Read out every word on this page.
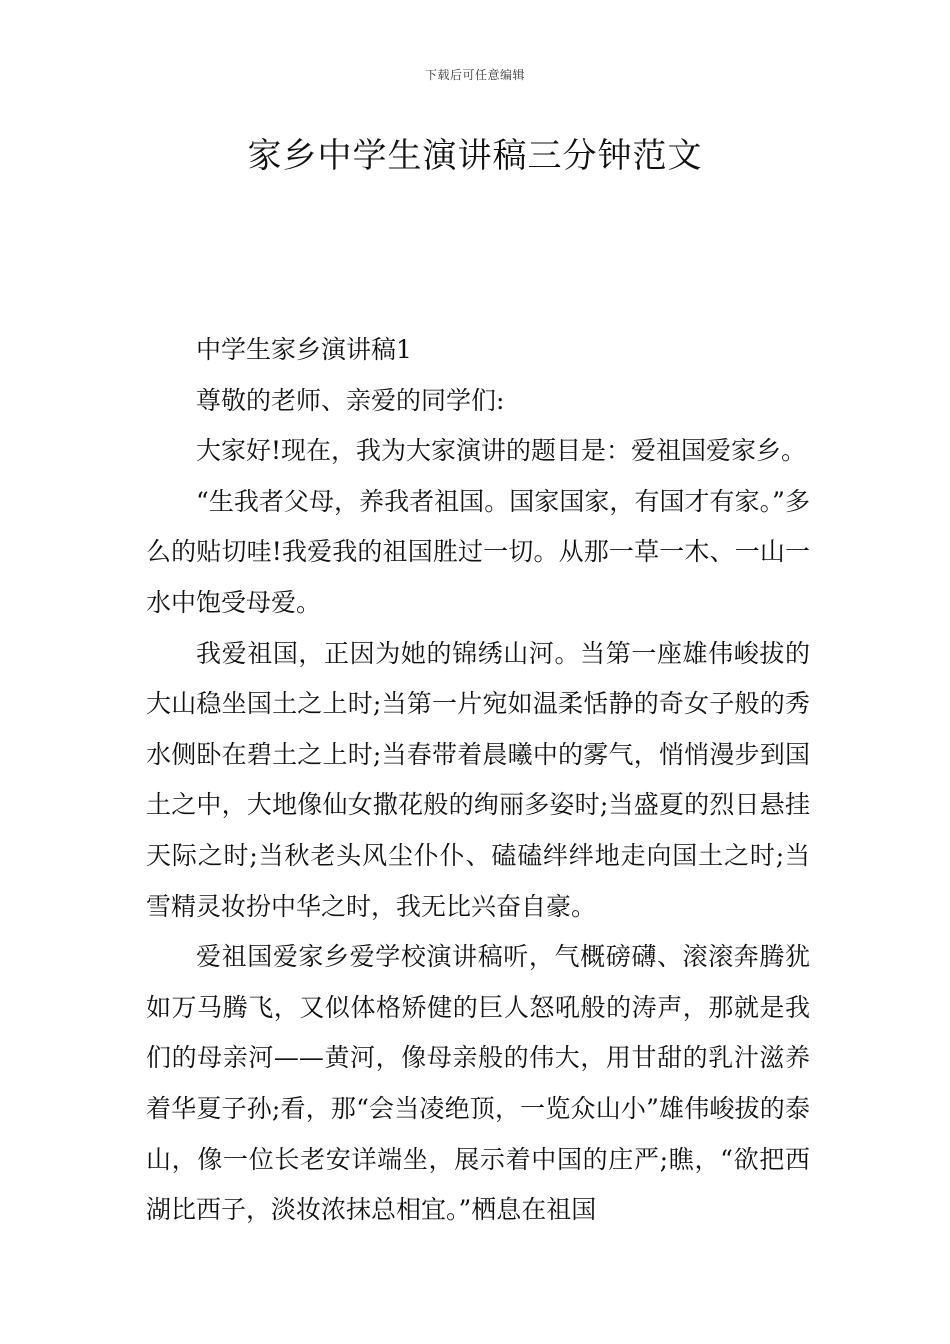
下载后可任意编辑
家乡中学生演讲稿三分钟范文

中学生家乡演讲稿1

尊敬的老师、亲爱的同学们:

大家好!现在，我为大家演讲的题目是：爱祖国爱家乡。

“生我者父母，养我者祖国。国家国家，有国才有家。”多么的贴切哇!我爱我的祖国胜过一切。从那一草一木、一山一水中饱受母爱。

我爱祖国，正因为她的锦绣山河。当第一座雄伟峻拔的大山稳坐国土之上时;当第一片宛如温柔恬静的奇女子般的秀水侧卧在碧土之上时;当春带着晨曦中的雾气，悄悄漫步到国土之中，大地像仙女撒花般的绚丽多姿时;当盛夏的烈日悬挂天际之时;当秋老头风尘仆仆、磕磕绊绊地走向国土之时;当雪精灵妆扮中华之时，我无比兴奋自豪。

爱祖国爱家乡爱学校演讲稿听，气概磅礴、滚滚奔腾犹如万马腾飞，又似体格矫健的巨人怒吼般的涛声，那就是我们的母亲河——黄河，像母亲般的伟大，用甘甜的乳汁滋养着华夏子孙;看，那“会当凌绝顶，一览众山小”雄伟峻拔的泰山，像一位长老安详端坐，展示着中国的庄严;瞧，“欲把西湖比西子，淡妆浓抹总相宜。”栖息在祖国
